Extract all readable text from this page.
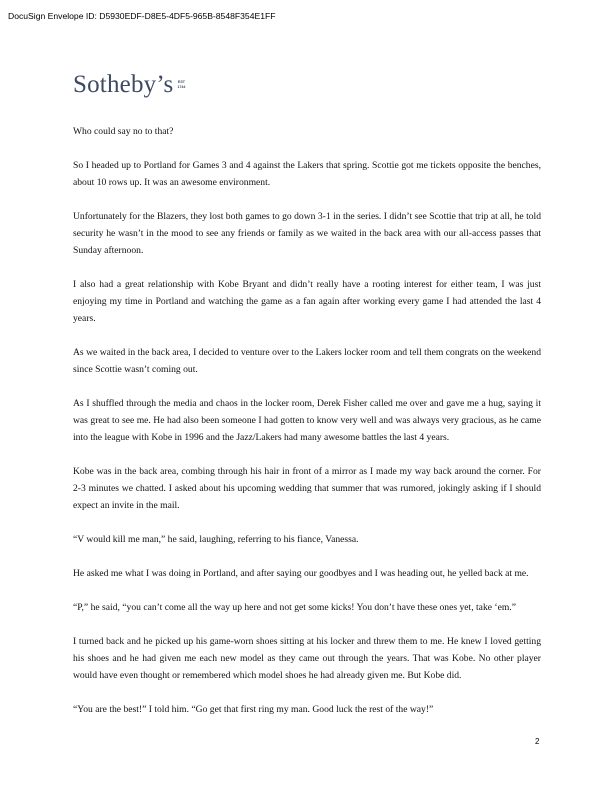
DocuSign Envelope ID: D5930EDF-D8E5-4DF5-965B-8548F354E1FF
Sotheby’s EST
1744

Who could say no to that?

So I headed up to Portland for Games 3 and 4 against the Lakers that spring. Scottie got me tickets opposite the benches, about 10 rows up. It was an awesome environment.

Unfortunately for the Blazers, they lost both games to go down 3-1 in the series. I didn’t see Scottie that trip at all, he told security he wasn’t in the mood to see any friends or family as we waited in the back area with our all-access passes that Sunday afternoon.

I also had a great relationship with Kobe Bryant and didn’t really have a rooting interest for either team, I was just enjoying my time in Portland and watching the game as a fan again after working every game I had attended the last 4 years.

As we waited in the back area, I decided to venture over to the Lakers locker room and tell them congrats on the weekend since Scottie wasn’t coming out.

As I shuffled through the media and chaos in the locker room, Derek Fisher called me over and gave me a hug, saying it was great to see me. He had also been someone I had gotten to know very well and was always very gracious, as he came into the league with Kobe in 1996 and the Jazz/Lakers had many awesome battles the last 4 years.

Kobe was in the back area, combing through his hair in front of a mirror as I made my way back around the corner. For 2-3 minutes we chatted. I asked about his upcoming wedding that summer that was rumored, jokingly asking if I should expect an invite in the mail.

“V would kill me man,” he said, laughing, referring to his fiance, Vanessa.

He asked me what I was doing in Portland, and after saying our goodbyes and I was heading out, he yelled back at me.

“P,” he said, “you can’t come all the way up here and not get some kicks! You don’t have these ones yet, take ‘em.”

I turned back and he picked up his game-worn shoes sitting at his locker and threw them to me. He knew I loved getting his shoes and he had given me each new model as they came out through the years. That was Kobe. No other player would have even thought or remembered which model shoes he had already given me. But Kobe did.

“You are the best!” I told him. “Go get that first ring my man. Good luck the rest of the way!”

2
